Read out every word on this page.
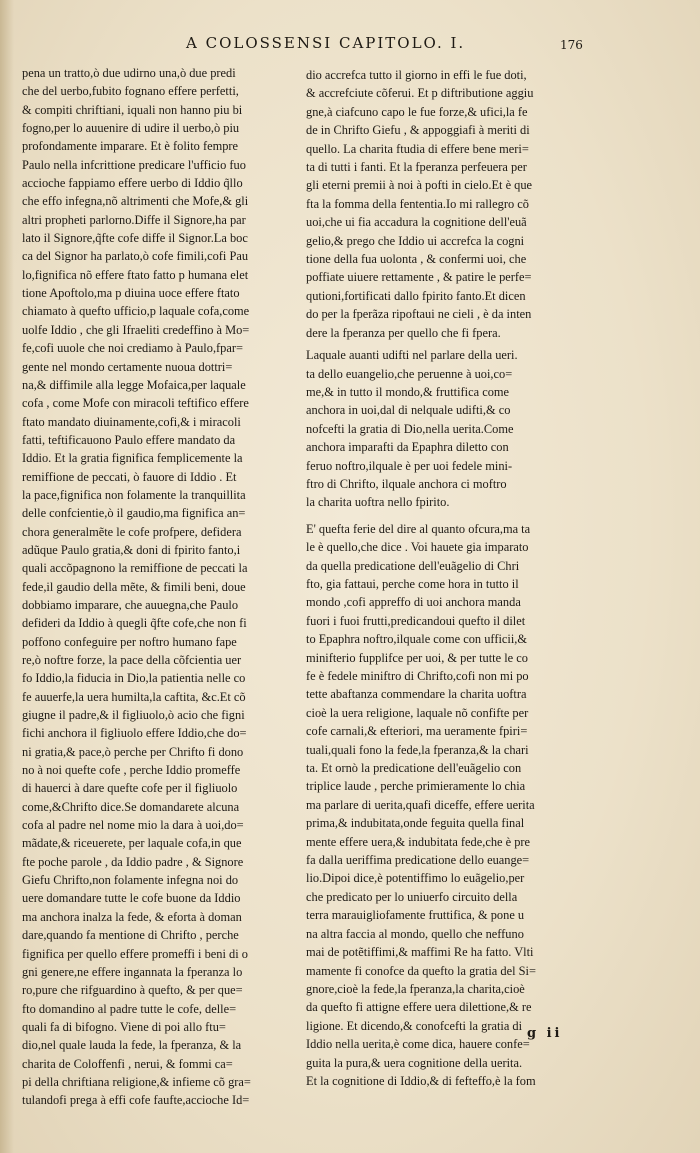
A COLOSSENSI CAPITOLO. I.	176

pena un tratto,ò due udirno una,ò due predi
che del uerbo,fubito fognano effere perfetti,
& compiti chriftiani, iquali non hanno piu bi
fogno,per lo auuenire di udire il uerbo,ò piu
profondamente imparare. Et è folito fempre
Paulo nella infcrittione predicare l'ufficio fuo
accioche fappiamo effere uerbo di Iddio q̃llo
che effo infegna,nõ altrimenti che Mofe,& gli
altri propheti parlorno.Diffe il Signore,ha par
lato il Signore,q̃fte cofe diffe il Signor.La boc
ca del Signor ha parlato,ò cofe fimili,cofi Pau
lo,fignifica nõ effere ftato fatto p humana elet
tione Apoftolo,ma p diuina uoce effere ftato
chiamato à quefto ufficio,p laquale cofa,come
uolfe Iddio , che gli Ifraeliti credeffino à Mo=
fe,cofi uuole che noi crediamo à Paulo,fpar=
gente nel mondo certamente nuoua dottri=
na,& diffimile alla legge Mofaica,per laquale
cofa , come Mofe con miracoli teftifico effere
ftato mandato diuinamente,cofi,& i miracoli
fatti, teftificauono Paulo effere mandato da
Iddio. Et la gratia fignifica femplicemente la
remiffione de peccati, ò fauore di Iddio . Et
la pace,fignifica non folamente la tranquillita
delle confcientie,ò il gaudio,ma fignifica an=
chora generalmẽte le cofe profpere, defidera
adũque Paulo gratia,& doni di fpirito fanto,i
quali accõpagnono la remiffione de peccati la
fede,il gaudio della mẽte, & fimili beni, doue
dobbiamo imparare, che auuegna,che Paulo
defideri da Iddio à quegli q̃fte cofe,che non fi
poffono confeguire per noftro humano fape
re,ò noftre forze, la pace della cõfcientia uer
fo Iddio,la fiducia in Dio,la patientia nelle co
fe auuerfe,la uera humilta,la caftita, &c.Et cõ
giugne il padre,& il figliuolo,ò acio che figni
fichi anchora il figliuolo effere Iddio,che do=
ni gratia,& pace,ò perche per Chrifto fi dono
no à noi quefte cofe , perche Iddio promeffe
di hauerci à dare quefte cofe per il figliuolo
come,&Chrifto dice.Se domandarete alcuna
cofa al padre nel nome mio la dara à uoi,do=
mãdate,& riceuerete, per laquale cofa,in que
fte poche parole , da Iddio padre , & Signore
Giefu Chrifto,non folamente infegna noi do
uere domandare tutte le cofe buone da Iddio
ma anchora inalza la fede, & eforta à doman
dare,quando fa mentione di Chrifto , perche
fignifica per quello effere promeffi i beni di o
gni genere,ne effere ingannata la fperanza lo
ro,pure che rifguardino à quefto, & per que=
fto domandino al padre tutte le cofe, delle=
quali fa di bifogno. Viene di poi allo ftu=
dio,nel quale lauda la fede, la fperanza, & la
charita de Coloffenfi , nerui, & fommi ca=
pi della chriftiana religione,& infieme cõ gra=
tulandofi prega à effi cofe faufte,accioche Id=

dio accrefca tutto il giorno in effi le fue doti,
& accrefciute cõferui. Et p diftributione aggiu
gne,à ciafcuno capo le fue forze,& ufici,la fe
de in Chrifto Giefu , & appoggiafi à meriti di
quello. La charita ftudia di effere bene meri=
ta di tutti i fanti. Et la fperanza perfeuera per
gli eterni premii à noi à pofti in cielo.Et è que
fta la fomma della fententia.Io mi rallegro cõ
uoi,che ui fia accadura la cognitione dell'euã
gelio,& prego che Iddio ui accrefca la cogni
tione della fua uolonta , & confermi uoi, che
poffiate uiuere rettamente , & patire le perfe=
qutioni,fortificati dallo fpirito fanto.Et dicen
do per la fperãza ripoftaui ne cieli , è da inten
dere la fperanza per quello che fi fpera.

Laquale auanti udifti nel parlare della ueri.
ta dello euangelio,che peruenne à uoi,co=
me,& in tutto il mondo,& fruttifica come
anchora in uoi,dal di nelquale udifti,& co
nofcefti la gratia di Dio,nella uerita.Come
anchora imparafti da Epaphra diletto con
feruo noftro,ilquale è per uoi fedele mini-
ftro di Chrifto, ilquale anchora ci moftro
la charita uoftra nello fpirito.

E' quefta ferie del dire al quanto ofcura,ma ta
le è quello,che dice . Voi hauete gia imparato
da quella predicatione dell'euãgelio di Chri
fto, gia fattaui, perche come hora in tutto il
mondo ,cofi appreffo di uoi anchora manda
fuori i fuoi frutti,predicandoui quefto il dilet
to Epaphra noftro,ilquale come con ufficii,&
minifterio fupplifce per uoi, & per tutte le co
fe è fedele miniftro di Chrifto,cofi non mi po
tette abaftanza commendare la charita uoftra
cioè la uera religione, laquale nõ confifte per
cofe carnali,& efteriori, ma ueramente fpiri=
tuali,quali fono la fede,la fperanza,& la chari
ta. Et ornò la predicatione dell'euãgelio con
triplice laude , perche primieramente lo chia
ma parlare di uerita,quafi diceffe, effere uerita
prima,& indubitata,onde feguita quella final
mente effere uera,& indubitata fede,che è pre
fa dalla ueriffima predicatione dello euange=
lio.Dipoi dice,è potentiffimo lo euãgelio,per
che predicato per lo uniuerfo circuito della
terra marauigliofamente fruttifica, & pone u
na altra faccia al mondo, quello che neffuno
mai de potẽtiffimi,& maffimi Re ha fatto. Vlti
mamente fi conofce da quefto la gratia del Si=
gnore,cioè la fede,la fperanza,la charita,cioè
da quefto fi attigne effere uera dilettione,& re
ligione. Et dicendo,& conofcefti la gratia di
Iddio nella uerita,è come dica, hauere confe=
guita la pura,& uera cognitione della uerita.
Et la cognitione di Iddio,& di fefteffo,è la fom

g ii
